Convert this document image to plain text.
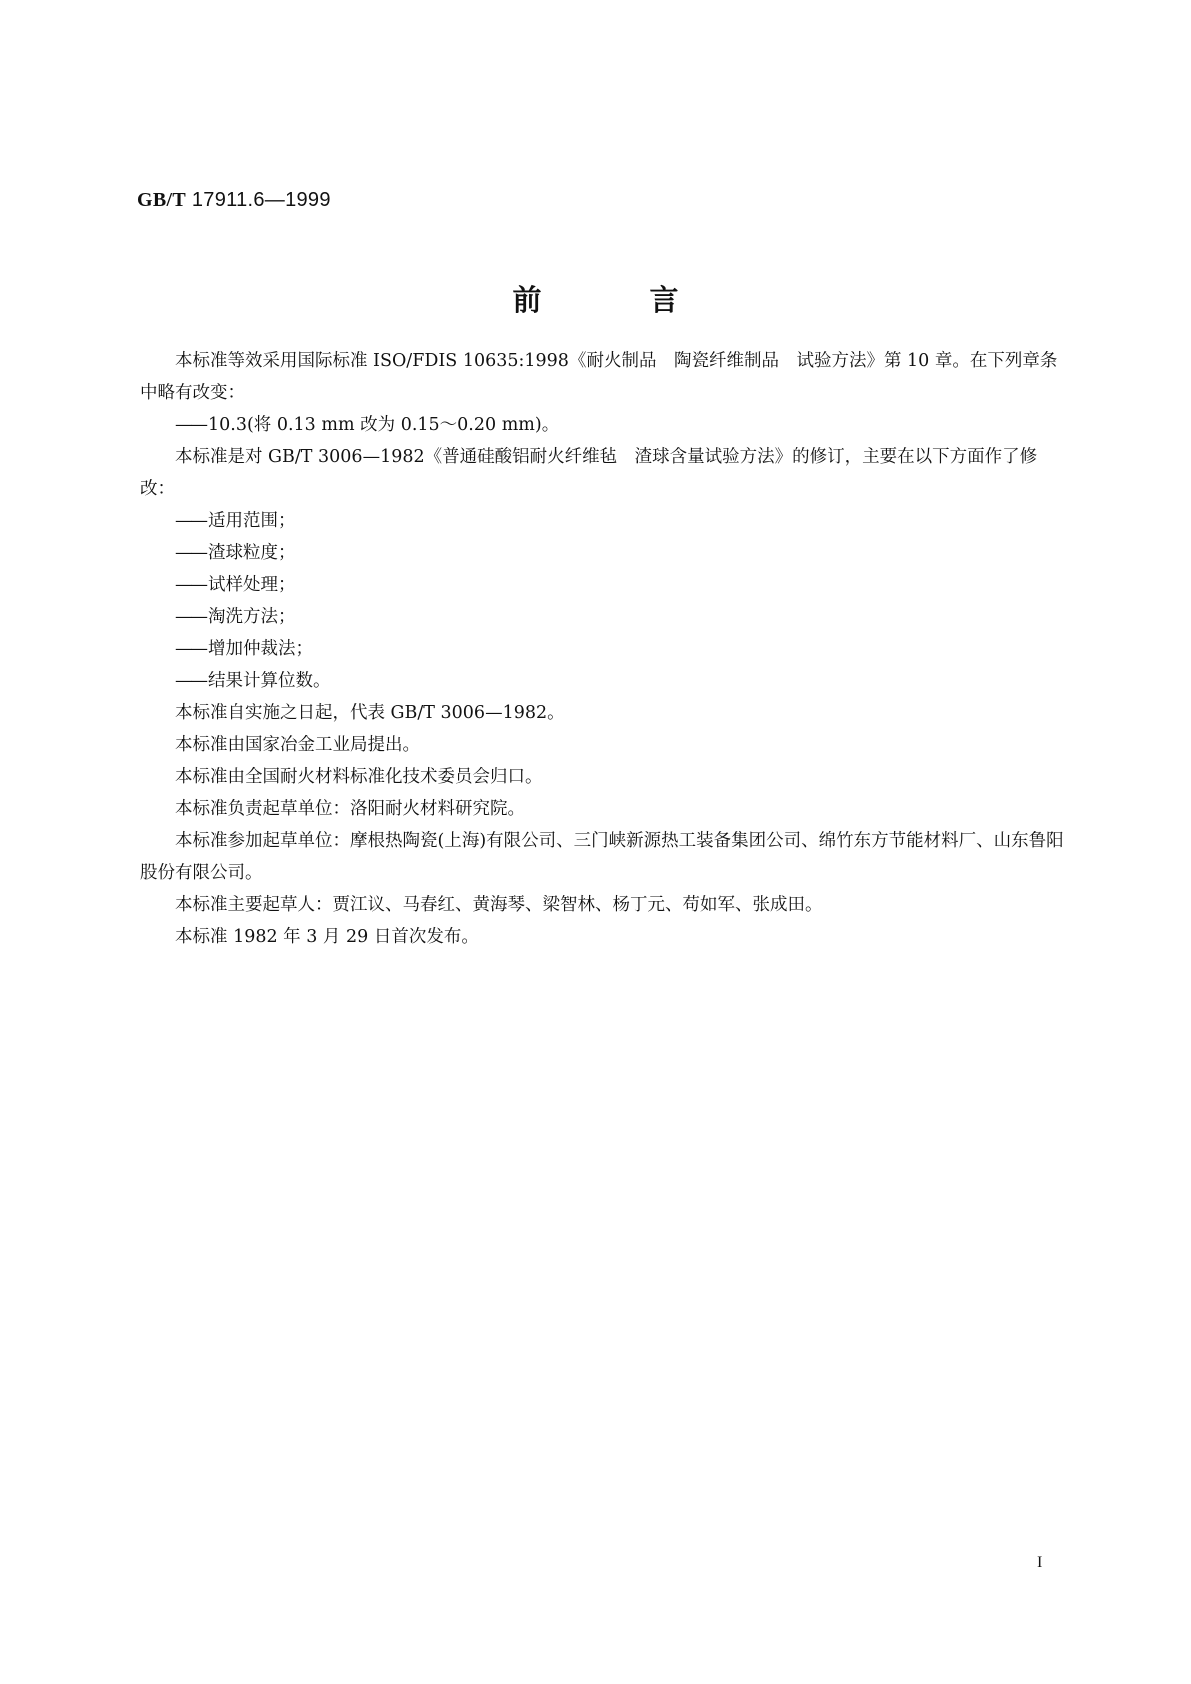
GB/T 17911.6—1999
前言

本标准等效采用国际标准 ISO/FDIS 10635:1998《耐火制品　陶瓷纤维制品　试验方法》第 10 章。在下列章条中略有改变：

—— 10.3(将 0.13 mm 改为 0.15～0.20 mm)。

本标准是对 GB/T 3006—1982《普通硅酸铝耐火纤维毡　渣球含量试验方法》的修订，主要在以下方面作了修改：

—— 适用范围；

—— 渣球粒度；

—— 试样处理；

—— 淘洗方法；

—— 增加仲裁法；

—— 结果计算位数。

本标准自实施之日起，代表 GB/T 3006—1982。

本标准由国家冶金工业局提出。

本标准由全国耐火材料标准化技术委员会归口。

本标准负责起草单位：洛阳耐火材料研究院。

本标准参加起草单位：摩根热陶瓷(上海)有限公司、三门峡新源热工装备集团公司、绵竹东方节能材料厂、山东鲁阳股份有限公司。

本标准主要起草人：贾江议、马春红、黄海琴、梁智林、杨丁元、苟如军、张成田。

本标准 1982 年 3 月 29 日首次发布。

I
